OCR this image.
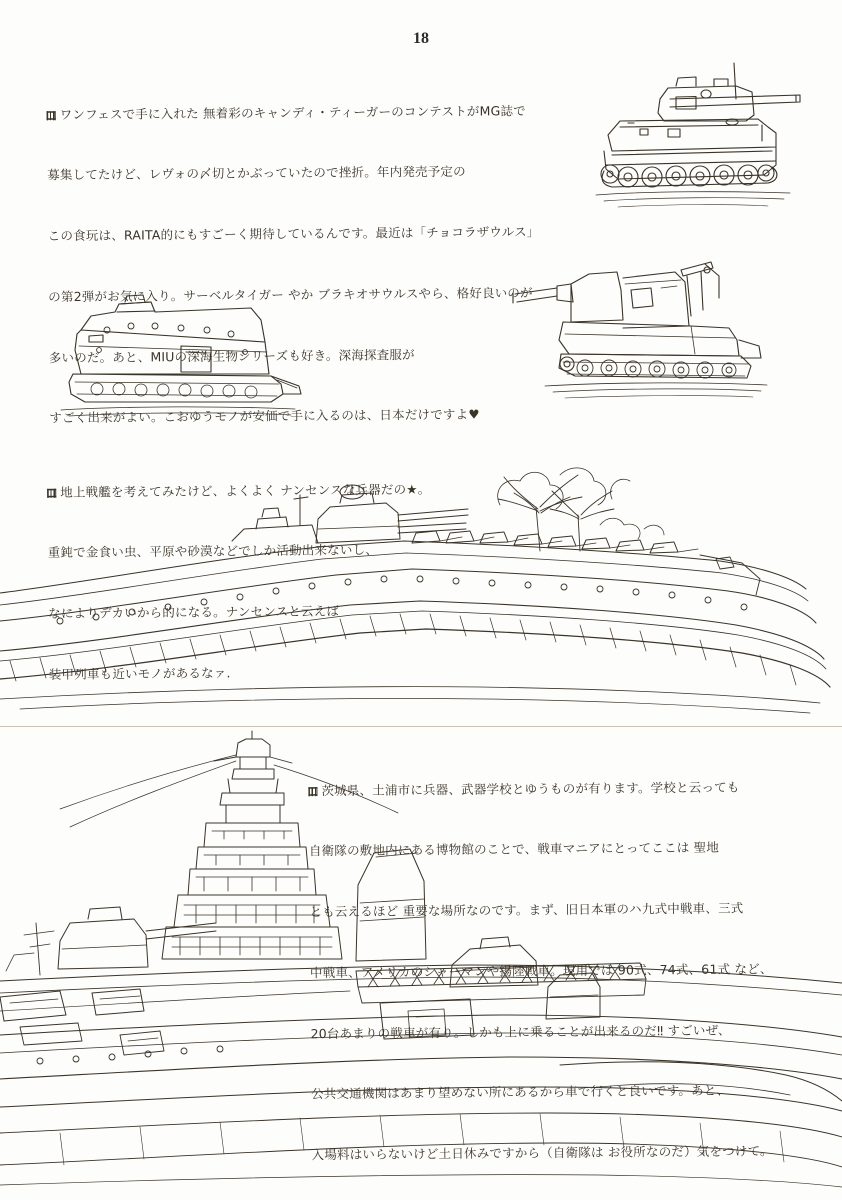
18

ワンフェスで手に入れた 無着彩のキャンディ・ティーガーのコンテストがMG誌で

募集してたけど、レヴォの〆切とかぶっていたので挫折。年内発売予定の

この食玩は、RAITA的にもすごーく期待しているんです。最近は「チョコラザウルス」

の第2弾がお気に入り。サーベルタイガー やか ブラキオサウルスやら、格好良いのが

多いのだ。あと、MIUの深海生物シリーズも好き。深海探査服が

すごく出来がよい。こおゆうモノが安価で手に入るのは、日本だけですよ♥

地上戦艦を考えてみたけど、よくよく ナンセンスな兵器だの★。

重鈍で金食い虫、平原や砂漠などでしか活動出来ないし、

なによりデカいから的になる。ナンセンスと云えば

装甲列車も近いモノがあるなァ.

茨城県、土浦市に兵器、武器学校とゆうものが有ります。学校と云っても

自衛隊の敷地内にある博物館のことで、戦車マニアにとってここは 聖地

とも云えるほど 重要な場所なのです。まず、旧日本軍のハ九式中戦車、三式

中戦車、アメリカのシャーマンや揚陸戦車。現用では 90式、74式、61式 など、

20台あまりの戦車が有り。しかも上に乗ることが出来るのだ‼ すごいぜ、

公共交通機関はあまり望めない所にあるから車で行くと良いです。あと、

入場料はいらないけど土日休みですから（自衛隊は お役所なのだ）気をつけて。
